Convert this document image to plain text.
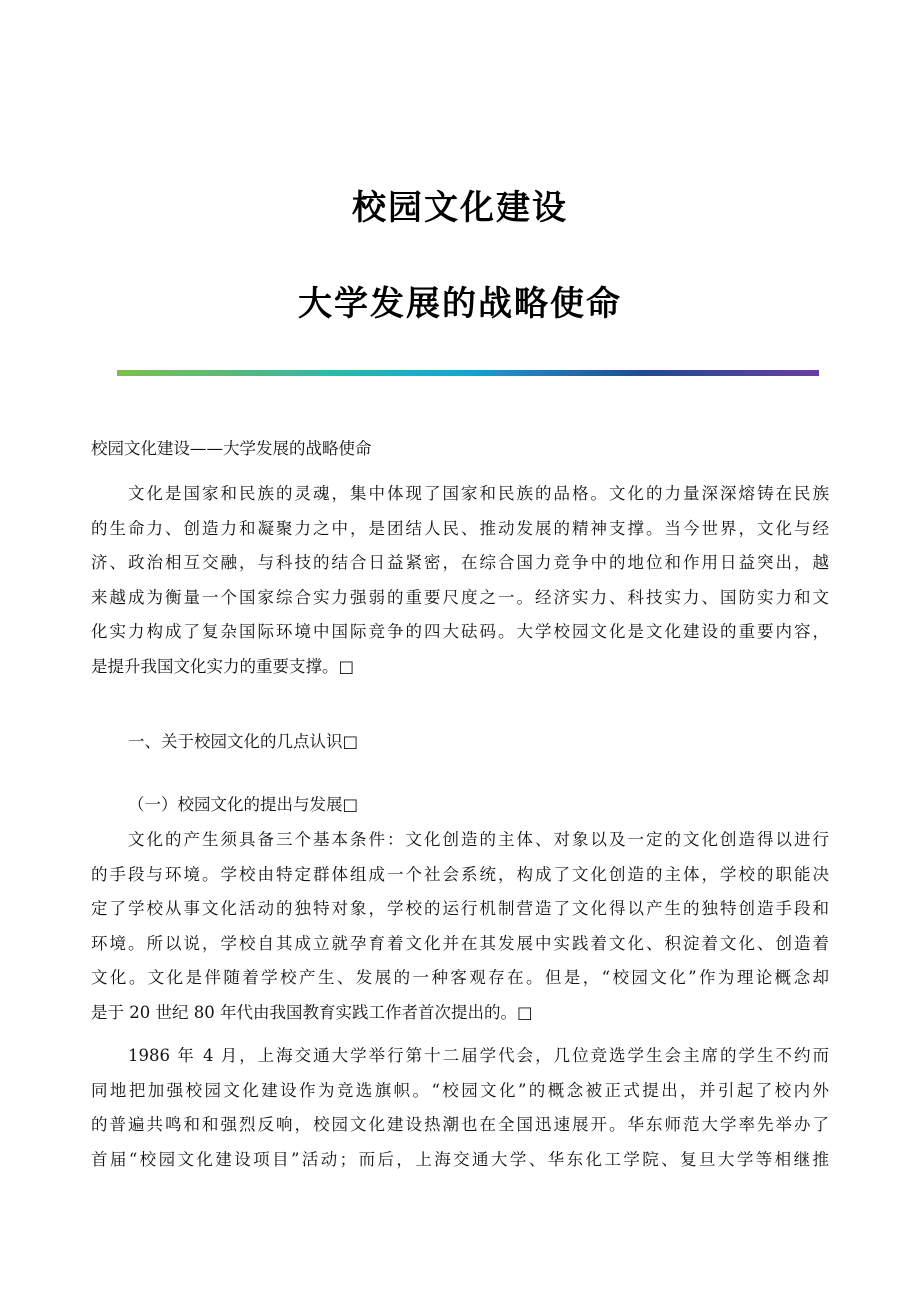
校园文化建设
大学发展的战略使命
校园文化建设——大学发展的战略使命
文化是国家和民族的灵魂，集中体现了国家和民族的品格。文化的力量深深熔铸在民族
的生命力、创造力和凝聚力之中，是团结人民、推动发展的精神支撑。当今世界，文化与经
济、政治相互交融，与科技的结合日益紧密，在综合国力竞争中的地位和作用日益突出，越
来越成为衡量一个国家综合实力强弱的重要尺度之一。经济实力、科技实力、国防实力和文
化实力构成了复杂国际环境中国际竞争的四大砝码。大学校园文化是文化建设的重要内容，
是提升我国文化实力的重要支撑。□
一、关于校园文化的几点认识□
（一）校园文化的提出与发展□
文化的产生须具备三个基本条件：文化创造的主体、对象以及一定的文化创造得以进行
的手段与环境。学校由特定群体组成一个社会系统，构成了文化创造的主体，学校的职能决
定了学校从事文化活动的独特对象，学校的运行机制营造了文化得以产生的独特创造手段和
环境。所以说，学校自其成立就孕育着文化并在其发展中实践着文化、积淀着文化、创造着
文化。文化是伴随着学校产生、发展的一种客观存在。但是，“校园文化”作为理论概念却
是于 20 世纪 80 年代由我国教育实践工作者首次提出的。□
1986 年 4 月，上海交通大学举行第十二届学代会，几位竞选学生会主席的学生不约而
同地把加强校园文化建设作为竞选旗帜。“校园文化”的概念被正式提出，并引起了校内外
的普遍共鸣和和强烈反响，校园文化建设热潮也在全国迅速展开。华东师范大学率先举办了
首届“校园文化建设项目”活动；而后，上海交通大学、华东化工学院、复旦大学等相继推
